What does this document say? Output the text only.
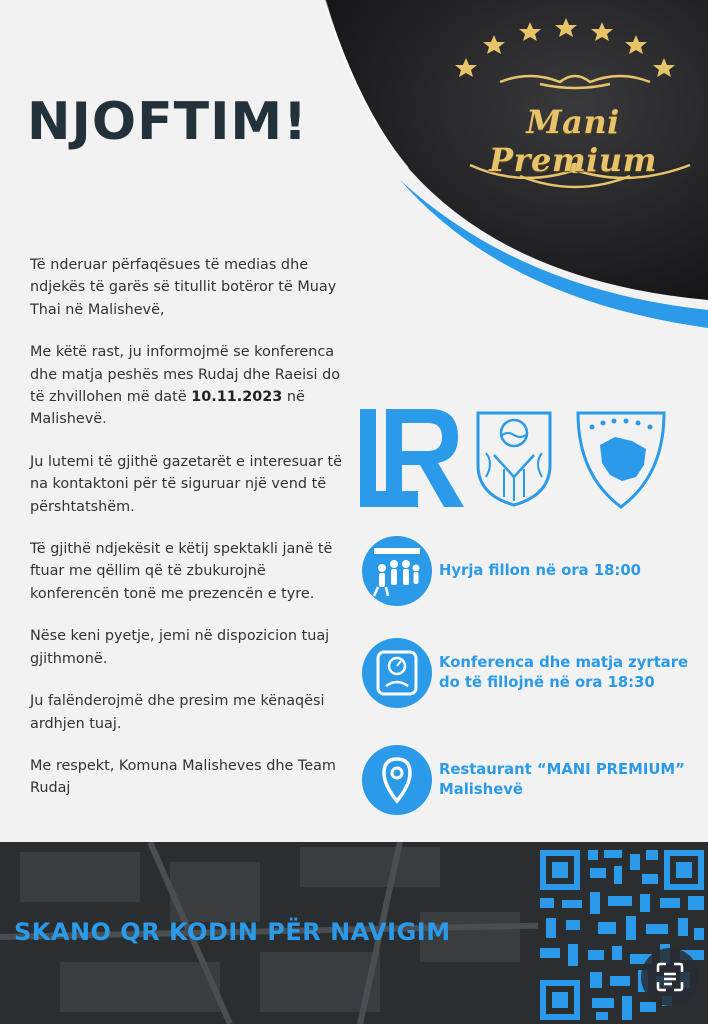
Mani Premium
NJOFTIM!

Të nderuar përfaqësues të medias dhe ndjekës të garës së titullit botëror të Muay Thai në Malishevë,

Me këtë rast, ju informojmë se konferenca dhe matja peshës mes Rudaj dhe Raeisi do të zhvillohen më datë 10.11.2023 në Malishevë.

Ju lutemi të gjithë gazetarët e interesuar të na kontaktoni për të siguruar një vend të përshtatshëm.

Të gjithë ndjekësit e këtij spektakli janë të ftuar me qëllim që të zbukurojnë konferencën tonë me prezencën e tyre.

Nëse keni pyetje, jemi në dispozicion tuaj gjithmonë.

Ju falënderojmë dhe presim me kënaqësi ardhjen tuaj.

Me respekt, Komuna Malisheves dhe Team Rudaj

Hyrja fillon në ora 18:00
Konferenca dhe matja zyrtare
do të fillojnë në ora 18:30
Restaurant “MANI PREMIUM”
Malishevë
SKANO QR KODIN PËR NAVIGIM
